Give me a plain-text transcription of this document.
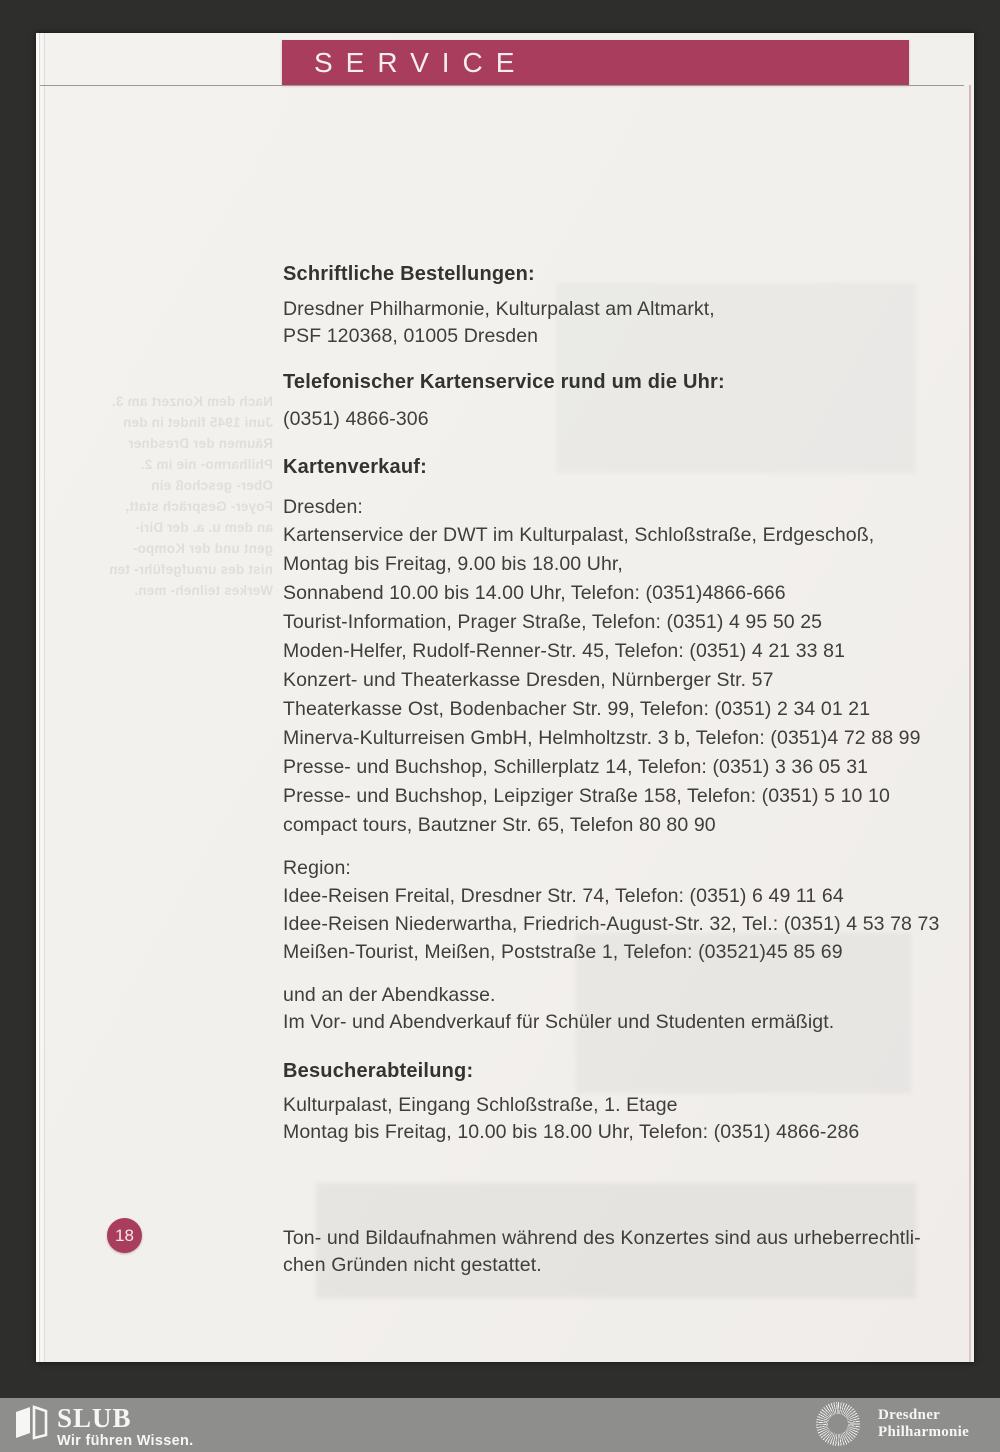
SERVICE
Nach dem Konzert am 3. Juni 1945 findet in den Räumen der Dresdner Philharmo- nie im 2. Ober- geschoß ein Foyer- Gespräch statt, an dem u. a. der Diri- gent und der Kompo- nist des uraufgeführ- ten Werkes teilneh- men.
Schriftliche Bestellungen:
Dresdner Philharmonie, Kulturpalast am Altmarkt,
PSF 120368, 01005 Dresden
Telefonischer Kartenservice rund um die Uhr:
(0351) 4866-306
Kartenverkauf:
Dresden:
Kartenservice der DWT im Kulturpalast, Schloßstraße, Erdgeschoß,
Montag bis Freitag, 9.00 bis 18.00 Uhr,
Sonnabend 10.00 bis 14.00 Uhr, Telefon: (0351)4866-666
Tourist-Information, Prager Straße, Telefon: (0351) 4 95 50 25
Moden-Helfer, Rudolf-Renner-Str. 45, Telefon: (0351) 4 21 33 81
Konzert- und Theaterkasse Dresden, Nürnberger Str. 57
Theaterkasse Ost, Bodenbacher Str. 99, Telefon: (0351) 2 34 01 21
Minerva-Kulturreisen GmbH, Helmholtzstr. 3 b, Telefon: (0351)4 72 88 99
Presse- und Buchshop, Schillerplatz 14, Telefon: (0351) 3 36 05 31
Presse- und Buchshop, Leipziger Straße 158, Telefon: (0351) 5 10 10
compact tours, Bautzner Str. 65, Telefon 80 80 90
Region:
Idee-Reisen Freital, Dresdner Str. 74, Telefon: (0351) 6 49 11 64
Idee-Reisen Niederwartha, Friedrich-August-Str. 32, Tel.: (0351) 4 53 78 73
Meißen-Tourist, Meißen, Poststraße 1, Telefon: (03521)45 85 69
und an der Abendkasse.
Im Vor- und Abendverkauf für Schüler und Studenten ermäßigt.
Besucherabteilung:
Kulturpalast, Eingang Schloßstraße, 1. Etage
Montag bis Freitag, 10.00 bis 18.00 Uhr, Telefon: (0351) 4866-286
Ton- und Bildaufnahmen während des Konzertes sind aus urheberrechtli-
chen Gründen nicht gestattet.
18
SLUB
Wir führen Wissen.
Dresdner
Philharmonie
